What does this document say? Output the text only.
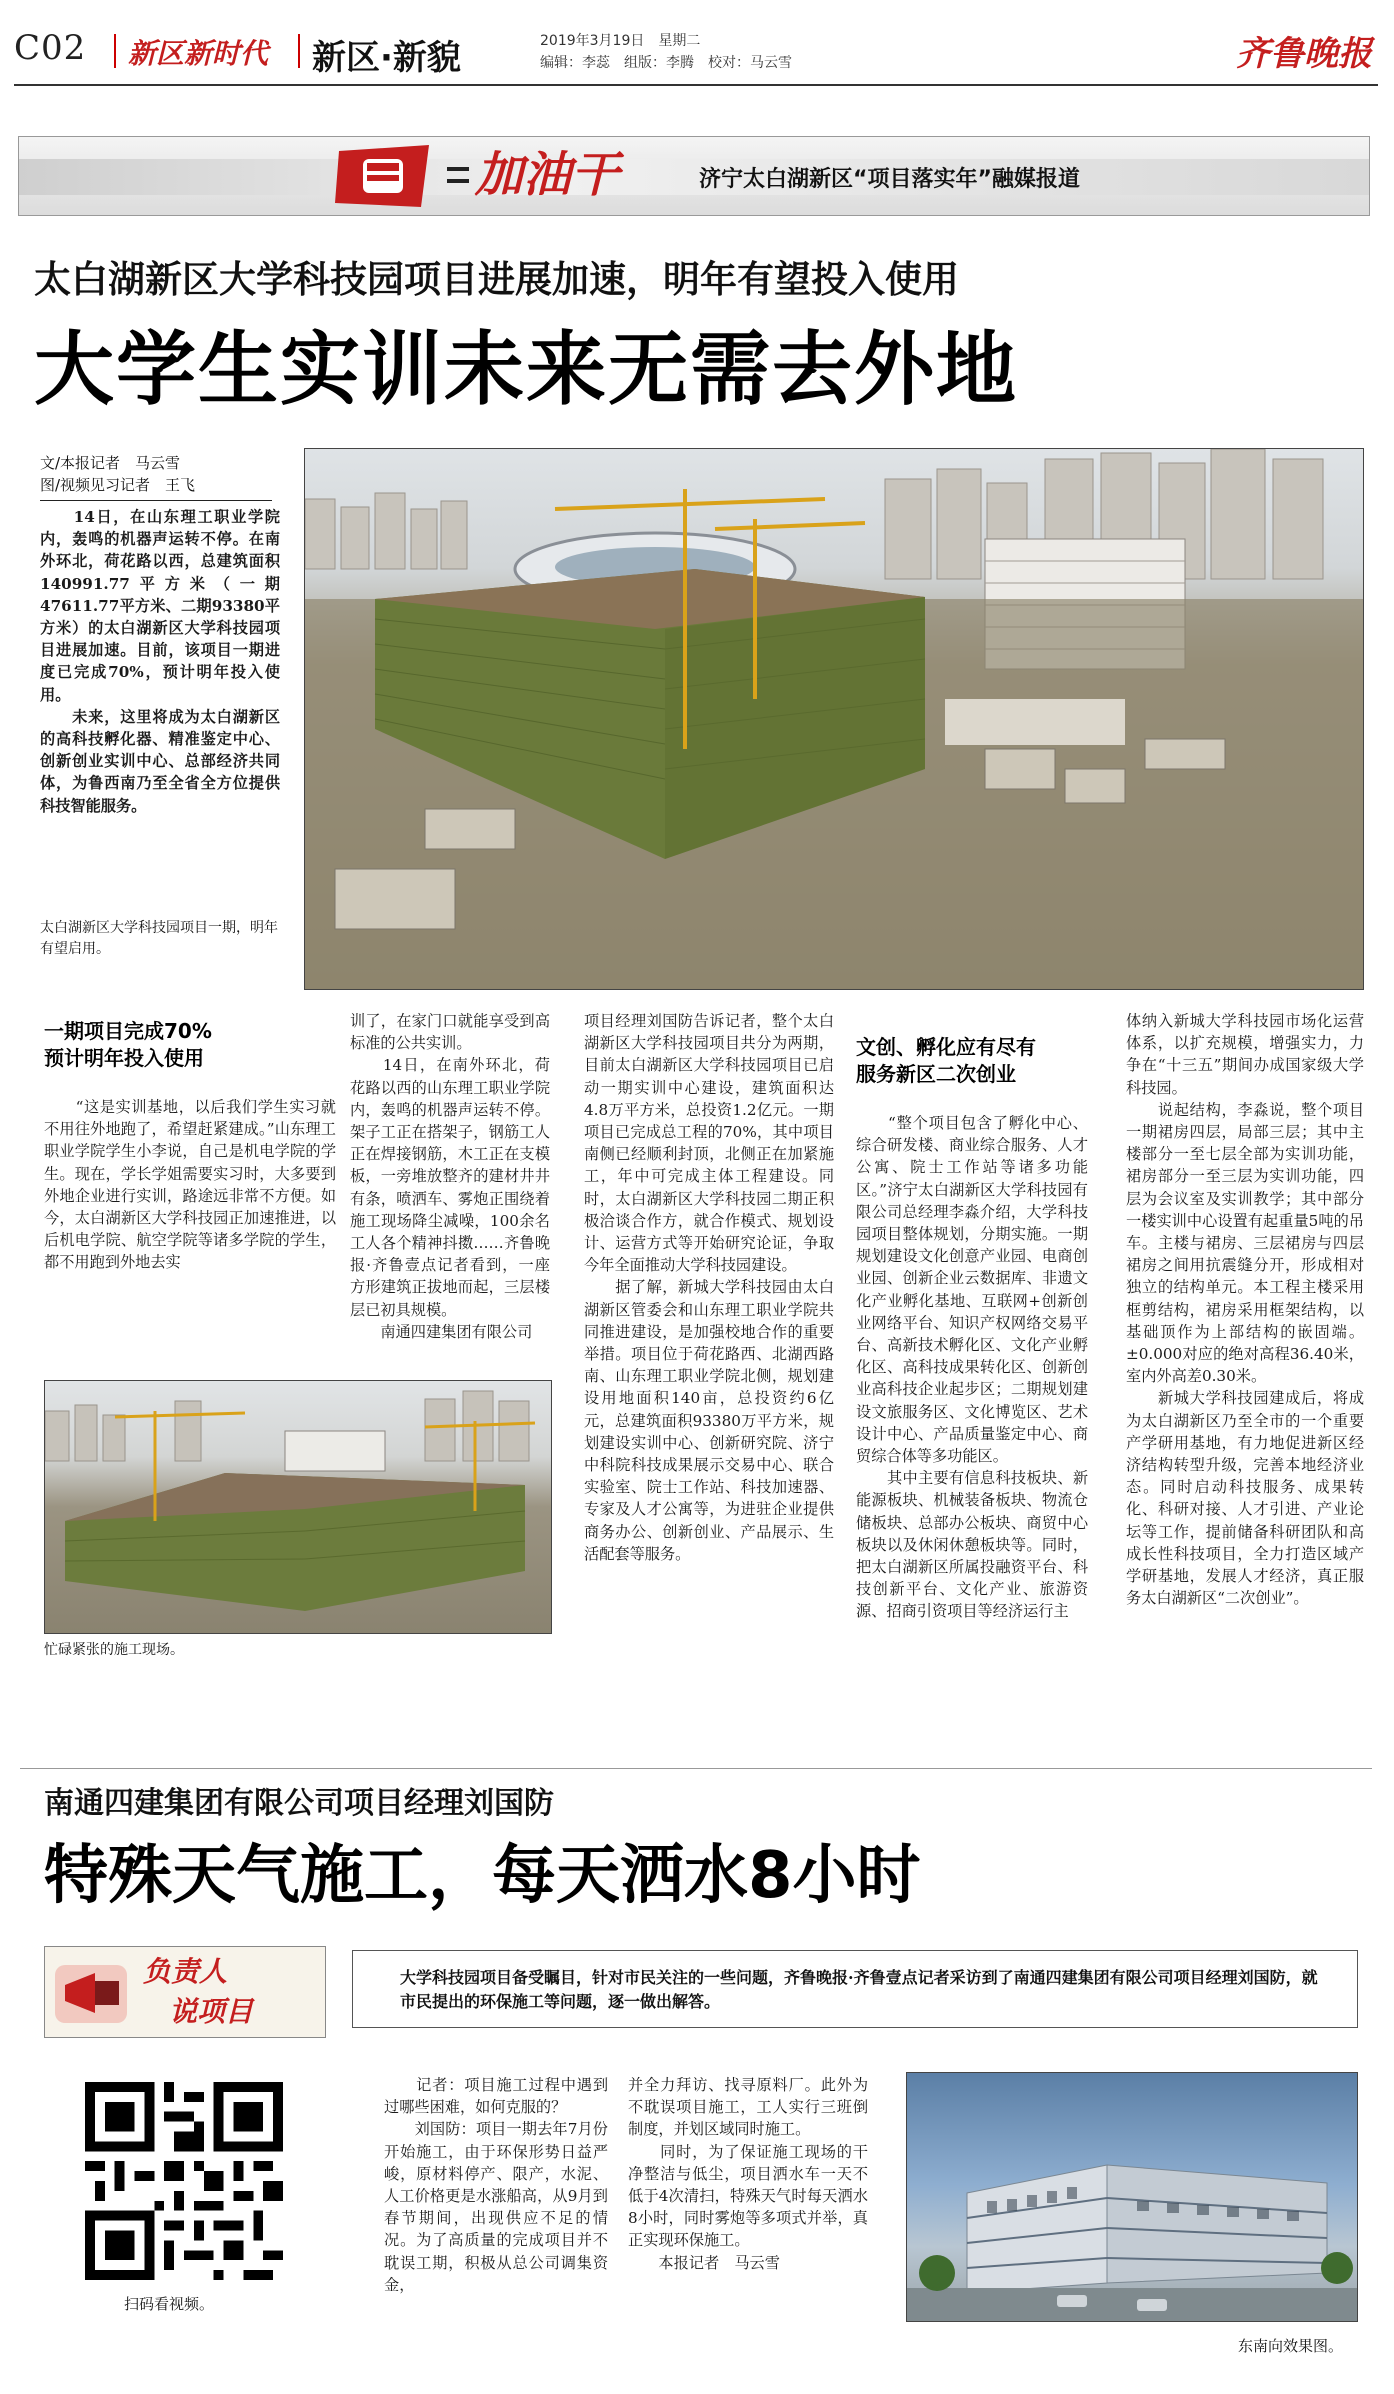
C02 新区新时代 新区·新貌	2019年3月19日　星期二
编辑：李蕊　组版：李腾　校对：马云雪	齐鲁晚报
加油干	济宁太白湖新区“项目落实年”融媒报道
太白湖新区大学科技园项目进展加速，明年有望投入使用
大学生实训未来无需去外地
文/本报记者　马云雪
图/视频见习记者　王飞
　　14日，在山东理工职业学院内，轰鸣的机器声运转不停。在南外环北，荷花路以西，总建筑面积140991.77平方米（一期47611.77平方米、二期93380平方米）的太白湖新区大学科技园项目进展加速。目前，该项目一期进度已完成70%，预计明年投入使用。
　　未来，这里将成为太白湖新区的高科技孵化器、精准鉴定中心、创新创业实训中心、总部经济共同体，为鲁西南乃至全省全方位提供科技智能服务。
太白湖新区大学科技园项目一期，明年有望启用。
一期项目完成70%
预计明年投入使用
　　“这是实训基地，以后我们学生实习就不用往外地跑了，希望赶紧建成。”山东理工职业学院学生小李说，自己是机电学院的学生。现在，学长学姐需要实习时，大多要到外地企业进行实训，路途远非常不方便。如今，太白湖新区大学科技园正加速推进，以后机电学院、航空学院等诸多学院的学生，都不用跑到外地去实
训了，在家门口就能享受到高标准的公共实训。
　　14日，在南外环北，荷花路以西的山东理工职业学院内，轰鸣的机器声运转不停。架子工正在搭架子，钢筋工人正在焊接钢筋，木工正在支模板，一旁堆放整齐的建材井井有条，喷洒车、雾炮正围绕着施工现场降尘减噪，100余名工人各个精神抖擞……齐鲁晚报·齐鲁壹点记者看到，一座方形建筑正拔地而起，三层楼层已初具规模。
　　南通四建集团有限公司
忙碌紧张的施工现场。
项目经理刘国防告诉记者，整个太白湖新区大学科技园项目共分为两期，目前太白湖新区大学科技园项目已启动一期实训中心建设，建筑面积达4.8万平方米，总投资1.2亿元。一期项目已完成总工程的70%，其中项目南侧已经顺利封顶，北侧正在加紧施工，年中可完成主体工程建设。同时，太白湖新区大学科技园二期正积极洽谈合作方，就合作模式、规划设计、运营方式等开始研究论证，争取今年全面推动大学科技园建设。
　　据了解，新城大学科技园由太白湖新区管委会和山东理工职业学院共同推进建设，是加强校地合作的重要举措。项目位于荷花路西、北湖西路南、山东理工职业学院北侧，规划建设用地面积140亩，总投资约6亿元，总建筑面积93380万平方米，规划建设实训中心、创新研究院、济宁中科院科技成果展示交易中心、联合实验室、院士工作站、科技加速器、专家及人才公寓等，为进驻企业提供商务办公、创新创业、产品展示、生活配套等服务。
文创、孵化应有尽有
服务新区二次创业
　　“整个项目包含了孵化中心、综合研发楼、商业综合服务、人才公寓、院士工作站等诸多功能区。”济宁太白湖新区大学科技园有限公司总经理李淼介绍，大学科技园项目整体规划，分期实施。一期规划建设文化创意产业园、电商创业园、创新企业云数据库、非遗文化产业孵化基地、互联网+创新创业网络平台、知识产权网络交易平台、高新技术孵化区、文化产业孵化区、高科技成果转化区、创新创业高科技企业起步区；二期规划建设文旅服务区、文化博览区、艺术设计中心、产品质量鉴定中心、商贸综合体等多功能区。
　　其中主要有信息科技板块、新能源板块、机械装备板块、物流仓储板块、总部办公板块、商贸中心板块以及休闲休憩板块等。同时，把太白湖新区所属投融资平台、科技创新平台、文化产业、旅游资源、招商引资项目等经济运行主
体纳入新城大学科技园市场化运营体系，以扩充规模，增强实力，力争在“十三五”期间办成国家级大学科技园。
　　说起结构，李淼说，整个项目一期裙房四层，局部三层；其中主楼部分一至七层全部为实训功能，裙房部分一至三层为实训功能，四层为会议室及实训教学；其中部分一楼实训中心设置有起重量5吨的吊车。主楼与裙房、三层裙房与四层裙房之间用抗震缝分开，形成相对独立的结构单元。本工程主楼采用框剪结构，裙房采用框架结构，以基础顶作为上部结构的嵌固端。±0.000对应的绝对高程36.40米，室内外高差0.30米。
　　新城大学科技园建成后，将成为太白湖新区乃至全市的一个重要产学研用基地，有力地促进新区经济结构转型升级，完善本地经济业态。同时启动科技服务、成果转化、科研对接、人才引进、产业论坛等工作，提前储备科研团队和高成长性科技项目，全力打造区域产学研基地，发展人才经济，真正服务太白湖新区“二次创业”。
南通四建集团有限公司项目经理刘国防
特殊天气施工，每天洒水8小时
负责人
说项目
大学科技园项目备受瞩目，针对市民关注的一些问题，齐鲁晚报·齐鲁壹点记者采访到了南通四建集团有限公司项目经理刘国防，就市民提出的环保施工等问题，逐一做出解答。
扫码看视频。
　　记者：项目施工过程中遇到过哪些困难，如何克服的？
　　刘国防：项目一期去年7月份开始施工，由于环保形势日益严峻，原材料停产、限产，水泥、人工价格更是水涨船高，从9月到春节期间，出现供应不足的情况。为了高质量的完成项目并不耽误工期，积极从总公司调集资金，
并全力拜访、找寻原料厂。此外为不耽误项目施工，工人实行三班倒制度，并划区域同时施工。
　　同时，为了保证施工现场的干净整洁与低尘，项目洒水车一天不低于4次清扫，特殊天气时每天洒水8小时，同时雾炮等多项式并举，真正实现环保施工。
　　本报记者　马云雪
东南向效果图。
